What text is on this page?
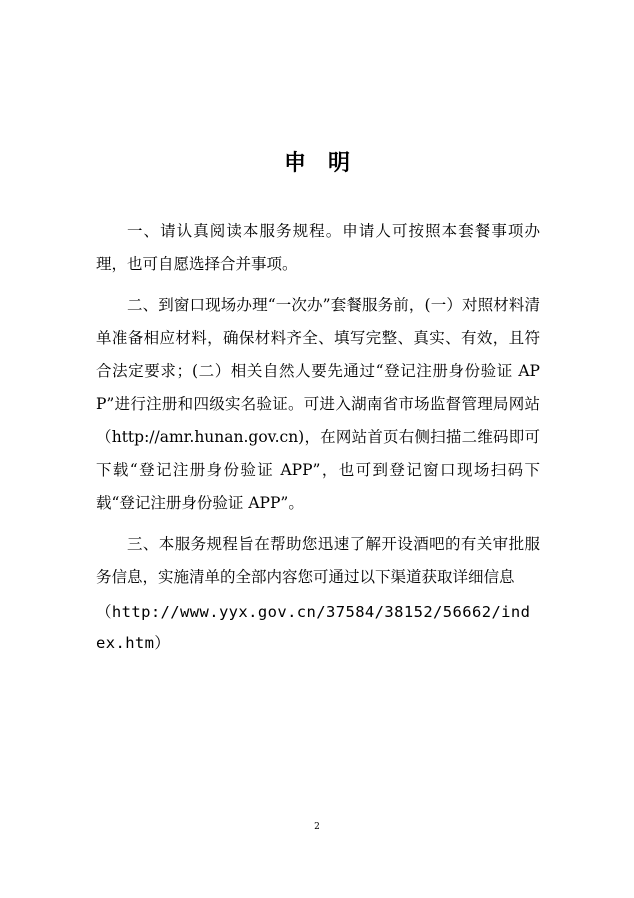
申明

一、请认真阅读本服务规程。申请人可按照本套餐事项办理，也可自愿选择合并事项。

二、到窗口现场办理“一次办”套餐服务前，(一）对照材料清单准备相应材料，确保材料齐全、填写完整、真实、有效，且符合法定要求；(二）相关自然人要先通过“登记注册身份验证 APP”进行注册和四级实名验证。可进入湖南省市场监督管理局网站（http://amr.hunan.gov.cn)，在网站首页右侧扫描二维码即可下载“登记注册身份验证 APP”，也可到登记窗口现场扫码下载“登记注册身份验证 APP”。

三、本服务规程旨在帮助您迅速了解开设酒吧的有关审批服务信息，实施清单的全部内容您可通过以下渠道获取详细信息

（http://www.yyx.gov.cn/37584/38152/56662/index.htm）

2
